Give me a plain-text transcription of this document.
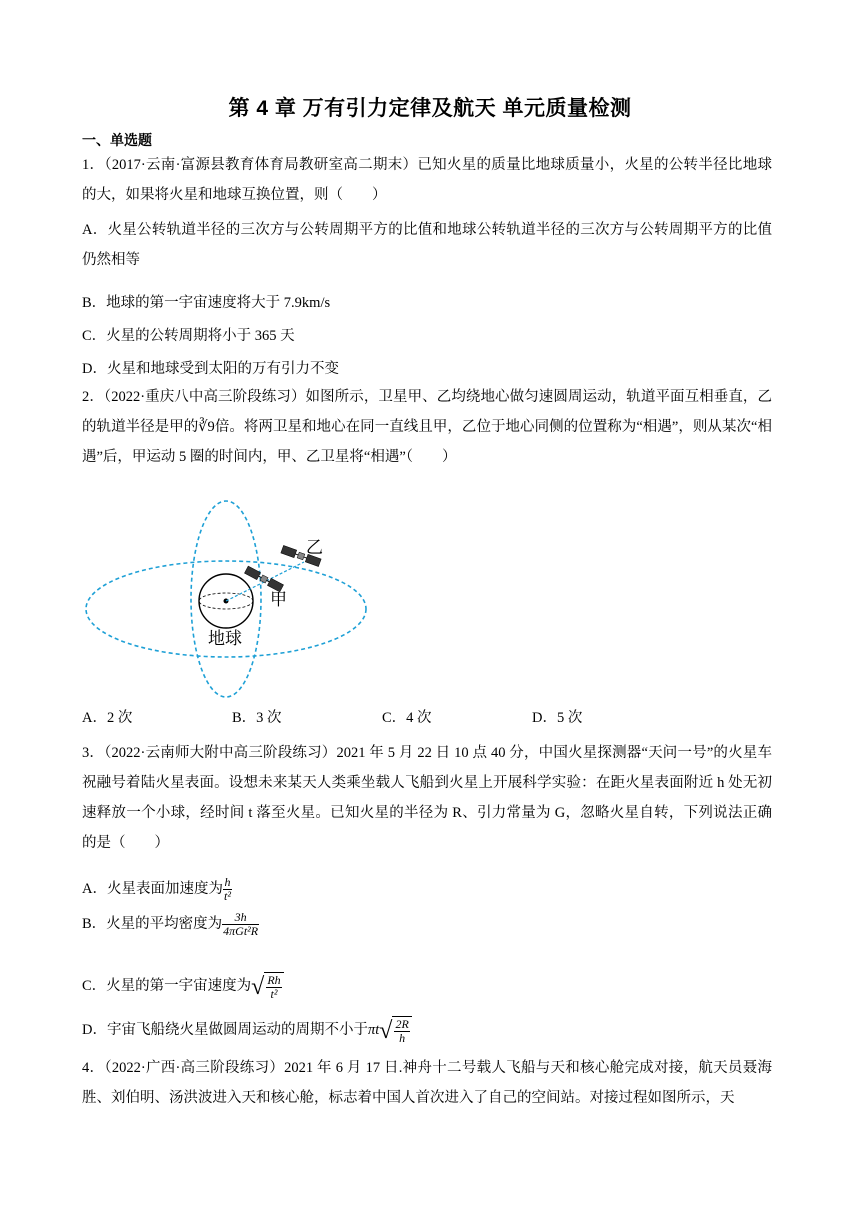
第 4 章 万有引力定律及航天 单元质量检测
一、单选题
1．（2017·云南·富源县教育体育局教研室高二期末）已知火星的质量比地球质量小，火星的公转半径比地球的大，如果将火星和地球互换位置，则（　　）
A．火星公转轨道半径的三次方与公转周期平方的比值和地球公转轨道半径的三次方与公转周期平方的比值仍然相等
B．地球的第一宇宙速度将大于 7.9km/s
C．火星的公转周期将小于 365 天
D．火星和地球受到太阳的万有引力不变
2．（2022·重庆八中高三阶段练习）如图所示，卫星甲、乙均绕地心做匀速圆周运动，轨道平面互相垂直，乙的轨道半径是甲的∛9倍。将两卫星和地心在同一直线且甲，乙位于地心同侧的位置称为“相遇”，则从某次“相遇”后，甲运动 5 圈的时间内，甲、乙卫星将“相遇”（　　）
乙
甲
地球
A．2 次	B．3 次	C．4 次	D．5 次
3．（2022·云南师大附中高三阶段练习）2021 年 5 月 22 日 10 点 40 分，中国火星探测器“天问一号”的火星车祝融号着陆火星表面。设想未来某天人类乘坐载人飞船到火星上开展科学实验：在距火星表面附近 h 处无初速释放一个小球，经时间 t 落至火星。已知火星的半径为 R、引力常量为 G，忽略火星自转，下列说法正确的是（　　）
A．火星表面加速度为 $\frac{h}{\text{t²}}$
B．火星的平均密度为 $\frac{3h}{\text{4πGt²R}}$
C．火星的第一宇宙速度为 √ $\frac{Rh}{\text{t²}}$
D．宇宙飞船绕火星做圆周运动的周期不小于πt √ $\frac{2R}{h}$
4．（2022·广西·高三阶段练习）2021 年 6 月 17 日.神舟十二号载人飞船与天和核心舱完成对接，航天员聂海胜、刘伯明、汤洪波进入天和核心舱，标志着中国人首次进入了自己的空间站。对接过程如图所示，天
